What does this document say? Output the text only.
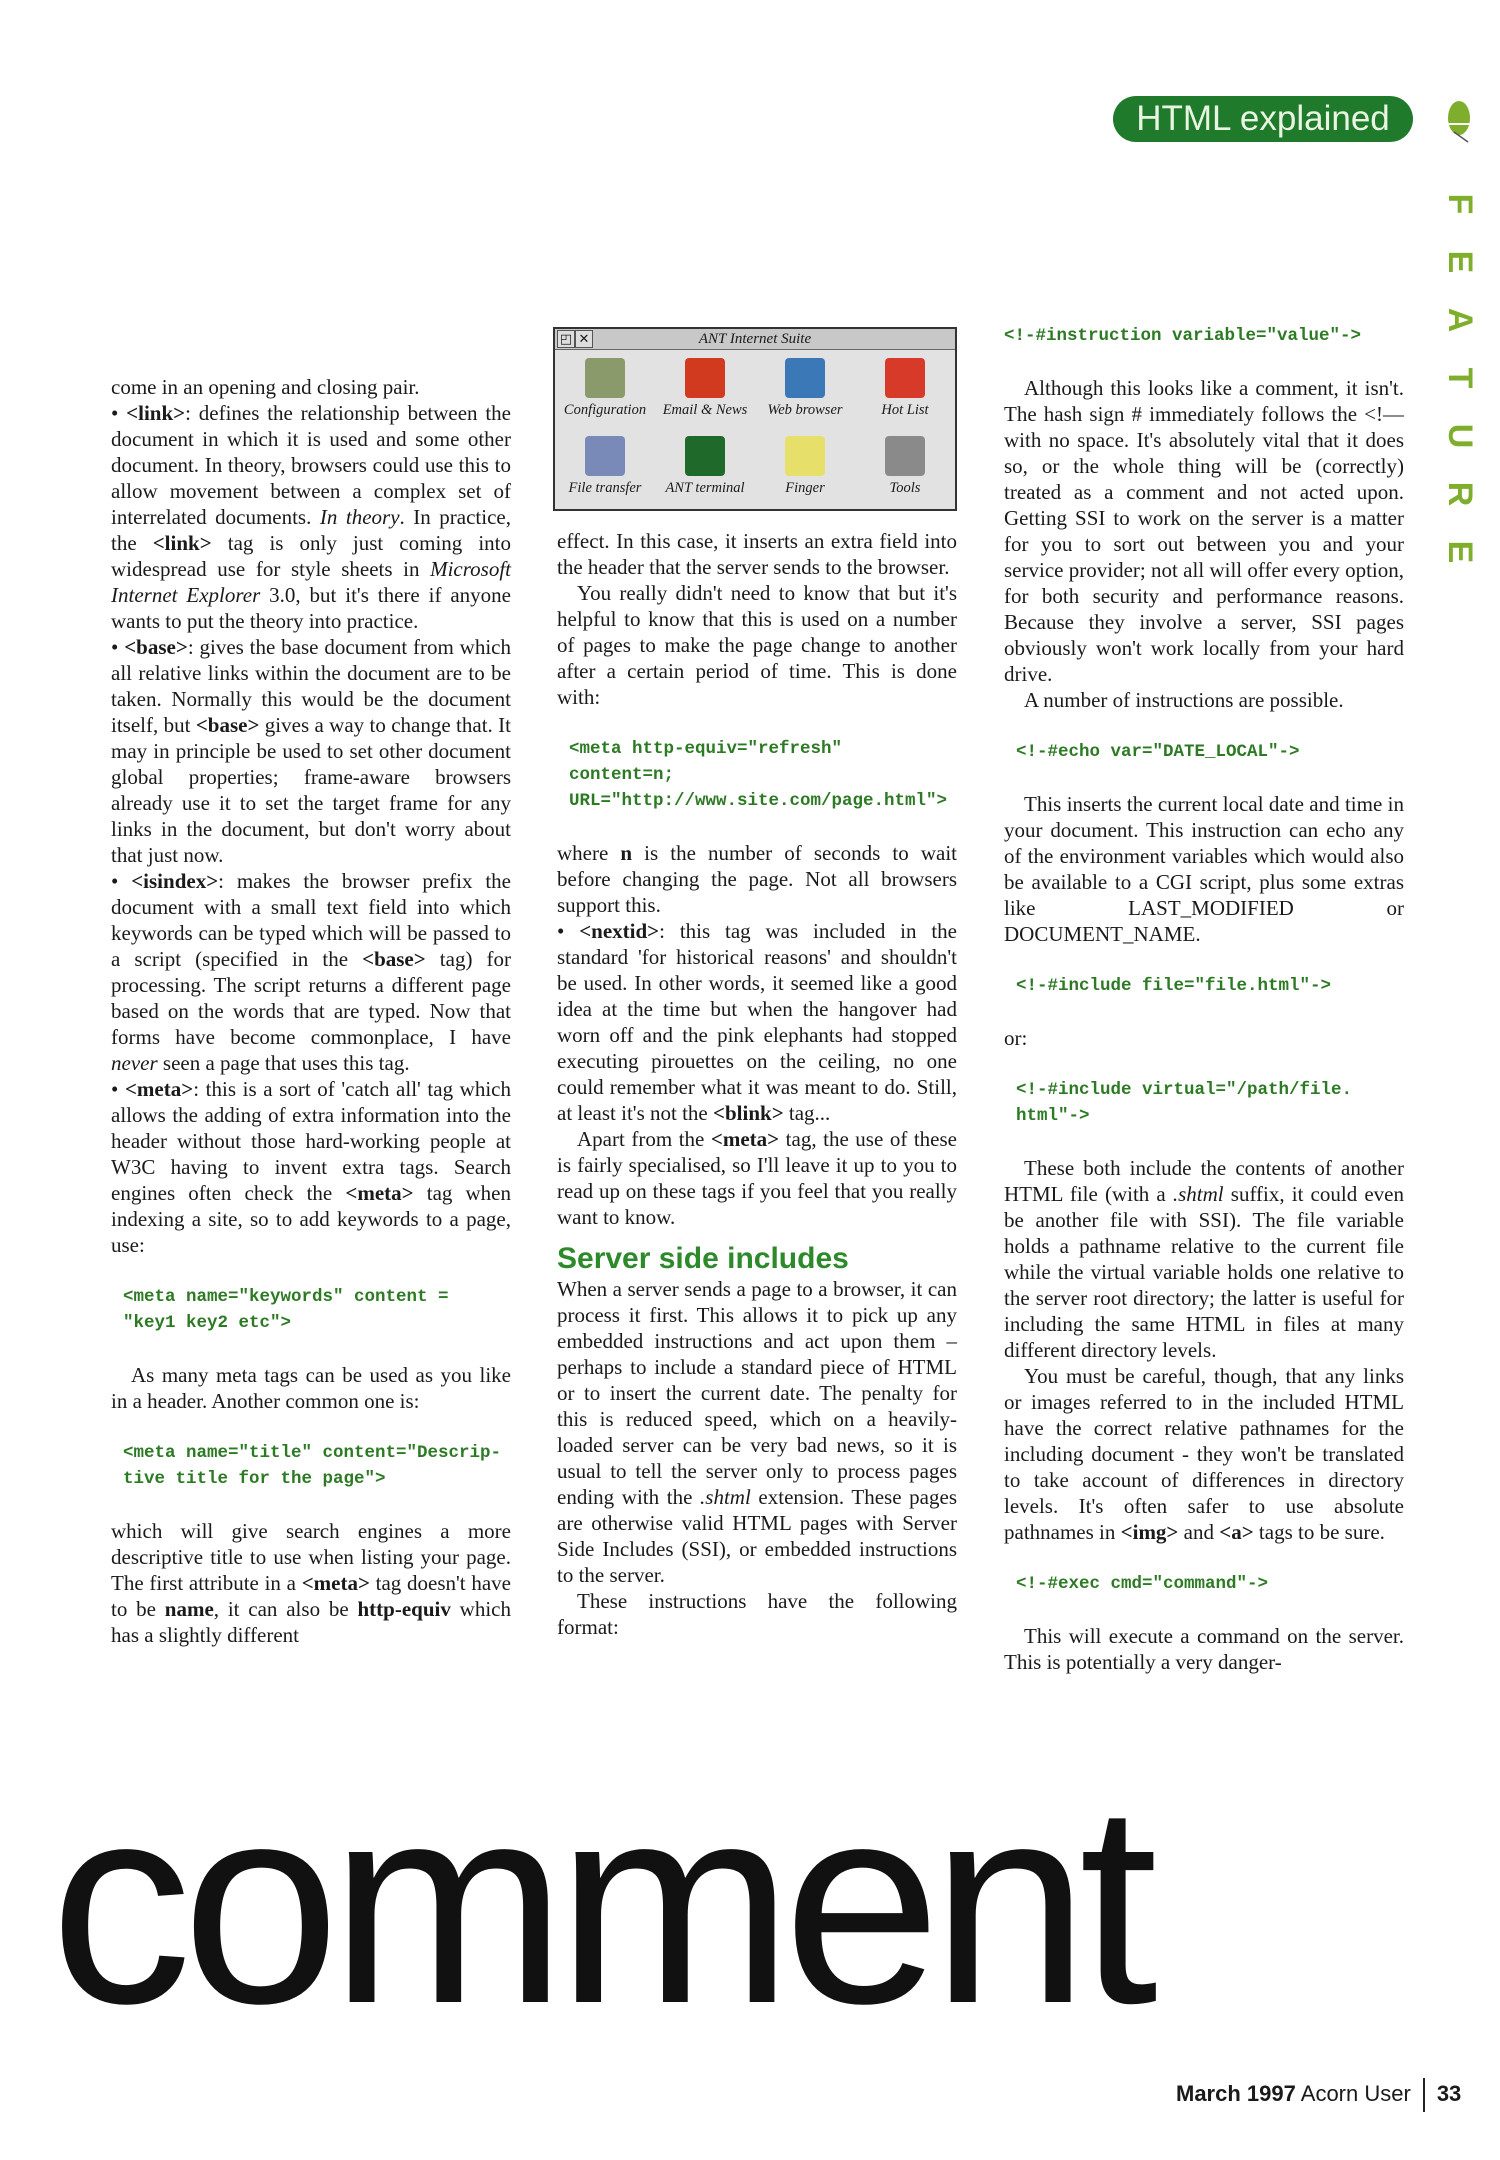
HTML explained
F
E
A
T
U
R
E

come in an opening and closing pair.

• <link>: defines the relationship between the document in which it is used and some other document. In theory, browsers could use this to allow movement between a complex set of interrelated documents. In theory. In practice, the <link> tag is only just coming into widespread use for style sheets in Microsoft Internet Explorer 3.0, but it's there if anyone wants to put the theory into practice.

• <base>: gives the base document from which all relative links within the document are to be taken. Normally this would be the document itself, but <base> gives a way to change that. It may in principle be used to set other document global properties; frame-aware browsers already use it to set the target frame for any links in the document, but don't worry about that just now.

• <isindex>: makes the browser prefix the document with a small text field into which keywords can be typed which will be passed to a script (specified in the <base> tag) for processing. The script returns a different page based on the words that are typed. Now that forms have become commonplace, I have never seen a page that uses this tag.

• <meta>: this is a sort of 'catch all' tag which allows the adding of extra information into the header without those hard-working people at W3C having to invent extra tags. Search engines often check the <meta> tag when indexing a site, so to add keywords to a page, use:

<meta name="keywords" content =
"key1 key2 etc">

As many meta tags can be used as you like in a header. Another common one is:

<meta name="title" content="Descrip-
tive title for the page">

which will give search engines a more descriptive title to use when listing your page. The first attribute in a <meta> tag doesn't have to be name, it can also be http-equiv which has a slightly different

◰ ✕	ANT Internet Suite
Configuration	Email & News	Web browser	Hot List
File transfer	ANT terminal	Finger	Tools

effect. In this case, it inserts an extra field into the header that the server sends to the browser.

You really didn't need to know that but it's helpful to know that this is used on a number of pages to make the page change to another after a certain period of time. This is done with:

<meta http-equiv="refresh"
content=n;
URL="http://www.site.com/page.html">

where n is the number of seconds to wait before changing the page. Not all browsers support this.

• <nextid>: this tag was included in the standard 'for historical reasons' and shouldn't be used. In other words, it seemed like a good idea at the time but when the hangover had worn off and the pink elephants had stopped executing pirouettes on the ceiling, no one could remember what it was meant to do. Still, at least it's not the <blink> tag...

Apart from the <meta> tag, the use of these is fairly specialised, so I'll leave it up to you to read up on these tags if you feel that you really want to know.

Server side includes

When a server sends a page to a browser, it can process it first. This allows it to pick up any embedded instructions and act upon them – perhaps to include a standard piece of HTML or to insert the current date. The penalty for this is reduced speed, which on a heavily-loaded server can be very bad news, so it is usual to tell the server only to process pages ending with the .shtml extension. These pages are otherwise valid HTML pages with Server Side Includes (SSI), or embedded instructions to the server.

These instructions have the following format:

<!-#instruction variable="value"->

Although this looks like a comment, it isn't. The hash sign # immediately follows the <!— with no space. It's absolutely vital that it does so, or the whole thing will be (correctly) treated as a comment and not acted upon. Getting SSI to work on the server is a matter for you to sort out between you and your service provider; not all will offer every option, for both security and performance reasons. Because they involve a server, SSI pages obviously won't work locally from your hard drive.

A number of instructions are possible.

<!-#echo var="DATE_LOCAL"->

This inserts the current local date and time in your document. This instruction can echo any of the environment variables which would also be available to a CGI script, plus some extras like LAST_MODIFIED or DOCUMENT_NAME.

<!-#include file="file.html"->

or:

<!-#include virtual="/path/file.
html"->

These both include the contents of another HTML file (with a .shtml suffix, it could even be another file with SSI). The file variable holds a pathname relative to the current file while the virtual variable holds one relative to the server root directory; the latter is useful for including the same HTML in files at many different directory levels.

You must be careful, though, that any links or images referred to in the included HTML have the correct relative pathnames for the including document - they won't be translated to take account of differences in directory levels. It's often safer to use absolute pathnames in <img> and <a> tags to be sure.

<!-#exec cmd="command"->

This will execute a command on the server. This is potentially a very danger-

comment
March 1997 Acorn User 33
